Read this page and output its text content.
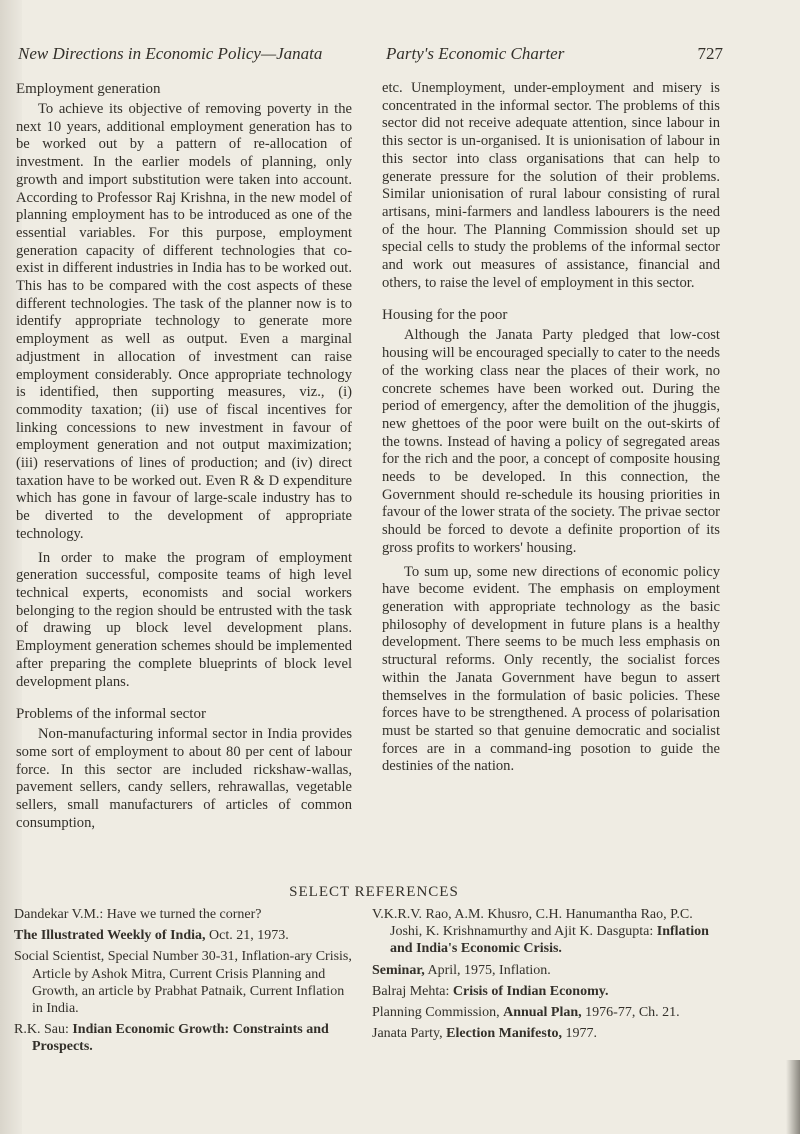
New Directions in Economic Policy—Janata	Party's Economic Charter	727
Employment generation

To achieve its objective of removing poverty in the next 10 years, additional employment generation has to be worked out by a pattern of re-allocation of investment. In the earlier models of planning, only growth and import substitution were taken into account. According to Professor Raj Krishna, in the new model of planning employment has to be introduced as one of the essential variables. For this purpose, employment generation capacity of different technologies that co-exist in different industries in India has to be worked out. This has to be compared with the cost aspects of these different technologies. The task of the planner now is to identify appropriate technology to generate more employment as well as output. Even a marginal adjustment in allocation of investment can raise employment considerably. Once appropriate technology is identified, then supporting measures, viz., (i) commodity taxation; (ii) use of fiscal incentives for linking concessions to new investment in favour of employment generation and not output maximization; (iii) reservations of lines of production; and (iv) direct taxation have to be worked out. Even R & D expenditure which has gone in favour of large-scale industry has to be diverted to the development of appropriate technology.

In order to make the program of employment generation successful, composite teams of high level technical experts, economists and social workers belonging to the region should be entrusted with the task of drawing up block level development plans. Employment generation schemes should be implemented after preparing the complete blueprints of block level development plans.

Problems of the informal sector

Non-manufacturing informal sector in India provides some sort of employment to about 80 per cent of labour force. In this sector are included rickshaw-wallas, pavement sellers, candy sellers, rehrawallas, vegetable sellers, small manufacturers of articles of common consumption,

etc. Unemployment, under-employment and misery is concentrated in the informal sector. The problems of this sector did not receive adequate attention, since labour in this sector is un-organised. It is unionisation of labour in this sector into class organisations that can help to generate pressure for the solution of their problems. Similar unionisation of rural labour consisting of rural artisans, mini-farmers and landless labourers is the need of the hour. The Planning Commission should set up special cells to study the problems of the informal sector and work out measures of assistance, financial and others, to raise the level of employment in this sector.

Housing for the poor

Although the Janata Party pledged that low-cost housing will be encouraged specially to cater to the needs of the working class near the places of their work, no concrete schemes have been worked out. During the period of emergency, after the demolition of the jhuggis, new ghettoes of the poor were built on the out-skirts of the towns. Instead of having a policy of segregated areas for the rich and the poor, a concept of composite housing needs to be developed. In this connection, the Government should re-schedule its housing priorities in favour of the lower strata of the society. The privae sector should be forced to devote a definite proportion of its gross profits to workers' housing.

To sum up, some new directions of economic policy have become evident. The emphasis on employment generation with appropriate technology as the basic philosophy of development in future plans is a healthy development. There seems to be much less emphasis on structural reforms. Only recently, the socialist forces within the Janata Government have begun to assert themselves in the formulation of basic policies. These forces have to be strengthened. A process of polarisation must be started so that genuine democratic and socialist forces are in a command-ing posotion to guide the destinies of the nation.

SELECT REFERENCES
Dandekar V.M.: Have we turned the corner?
The Illustrated Weekly of India, Oct. 21, 1973.
Social Scientist, Special Number 30-31, Inflation-ary Crisis, Article by Ashok Mitra, Current Crisis Planning and Growth, an article by Prabhat Patnaik, Current Inflation in India.
R.K. Sau: Indian Economic Growth: Constraints and Prospects.
V.K.R.V. Rao, A.M. Khusro, C.H. Hanumantha Rao, P.C. Joshi, K. Krishnamurthy and Ajit K. Dasgupta: Inflation and India's Economic Crisis.
Seminar, April, 1975, Inflation.
Balraj Mehta: Crisis of Indian Economy.
Planning Commission, Annual Plan, 1976-77, Ch. 21.
Janata Party, Election Manifesto, 1977.
